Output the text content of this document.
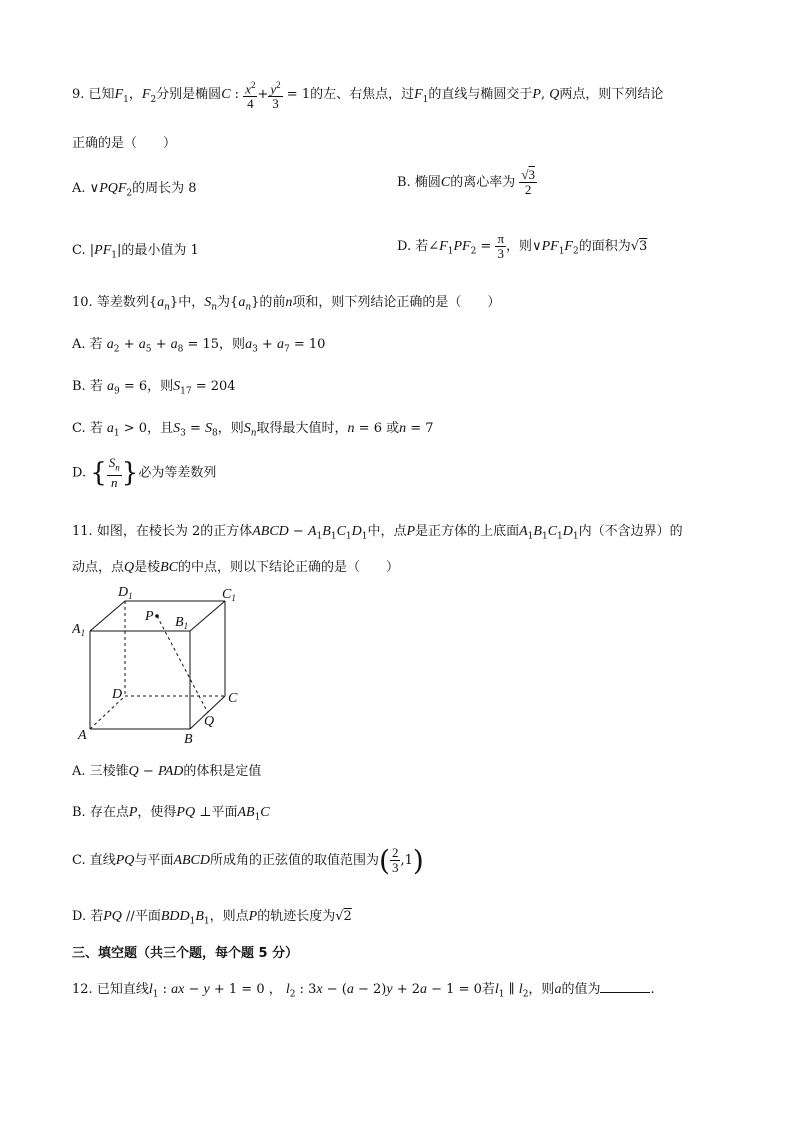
9. 已知$F_1$，$F_2$分别是椭圆C : $\frac{x^2}{4} + \frac{y^2}{3} = 1$的左、右焦点，过$F_1$的直线与椭圆交于P, Q两点，则下列结论
正确的是（　　）
A. $\vee PQF_2$的周长为 8	B. 椭圆C的离心率为 $\frac{√3}{2}$
C. $|PF_1|$的最小值为 1	D. 若$\angle F_1PF_2 = \frac{\pi}{3}$ ，则$\vee PF_1F_2$的面积为√3
10. 等差数列$\{a_n\}$中，$S_n$为$\{a_n\}$的前n项和，则下列结论正确的是（　　）
A. 若 $a_2 + a_5 + a_8 = 15$，则$a_3 + a_7 = 10$
B. 若 $a_9 = 6$，则$S_{17} = 204$
C. 若 $a_1 > 0$，且$S_3 = S_8$，则$S_n$取得最大值时，n = 6 或n = 7
D. { $\frac{S_n}{n}$ }必为等差数列
11. 如图，在棱长为 2的正方体ABCD − $A_1B_1C_1D_1$中，点P是正方体的上底面$A_1B_1C_1D_1$内（不含边界）的
动点，点Q是棱BC的中点，则以下结论正确的是（　　）
$D_1$	$C_1$
$A_1$
$B_1$
P
D	C
A	B
Q
A. 三棱锥Q − PAD的体积是定值
B. 存在点P，使得PQ ⊥平面$AB_1C$
C. 直线PQ与平面ABCD所成角的正弦值的取值范围为( $\frac{2}{3} ,1$)
D. 若PQ //平面$BDD_1B_1$，则点P的轨迹长度为√2
三、填空题（共三个题，每个题 5 分）
12. 已知直线$l_1$ : ax − y + 1 = 0 ， $l_2$ : 3x − (a − 2)y + 2a − 1 = 0若$l_1$ ∥ $l_2$，则a的值为	.
